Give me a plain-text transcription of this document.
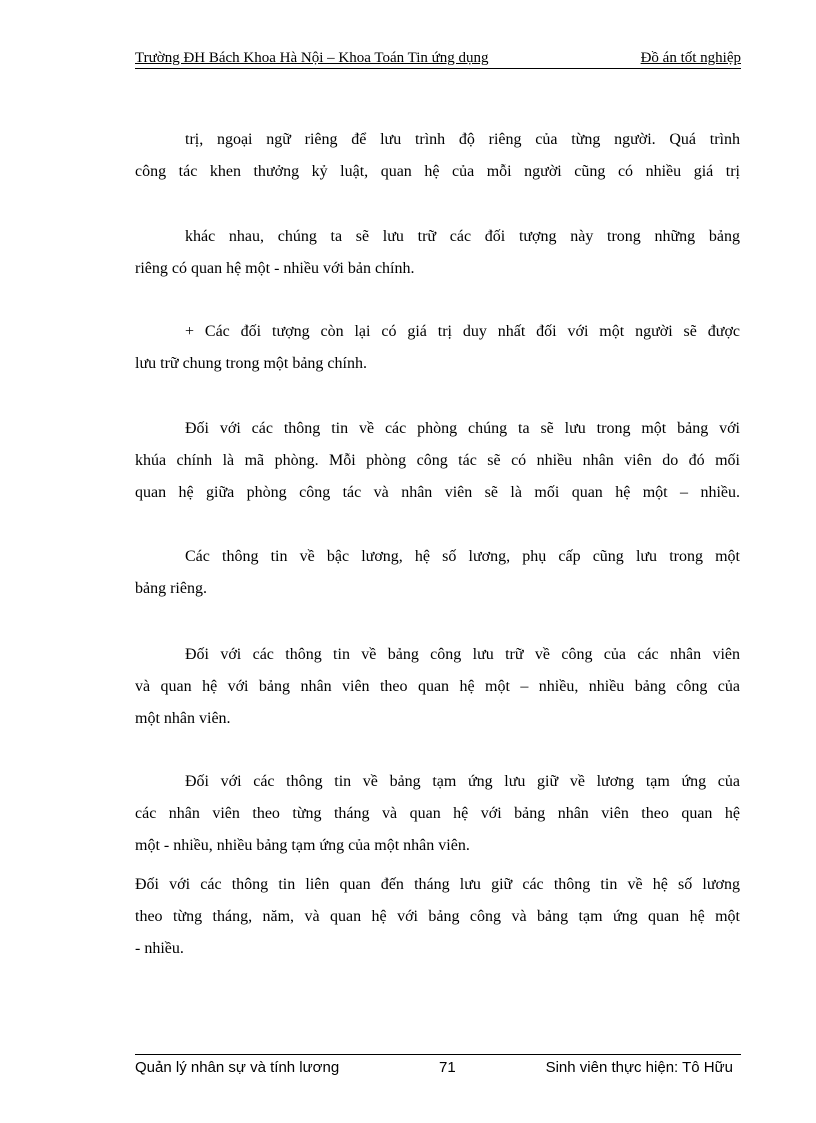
Trường ĐH Bách Khoa Hà Nội – Khoa Toán Tin ứng dụng	Đồ án tốt nghiệp
trị, ngoại ngữ riêng để lưu trình độ riêng của từng người. Quá trình
công tác khen thưởng kỷ luật, quan hệ của mỗi người cũng có nhiều giá trị
khác nhau, chúng ta sẽ lưu trữ các đối tượng này trong những bảng
riêng có quan hệ một - nhiều với bản chính.
+ Các đối tượng còn lại có giá trị duy nhất đối với một người sẽ được
lưu trữ chung trong một bảng chính.
Đối với các thông tin về các phòng chúng ta sẽ lưu trong một bảng với
khúa chính là mã phòng. Mỗi phòng công tác sẽ có nhiều nhân viên do đó mối
quan hệ giữa phòng công tác và nhân viên sẽ là mối quan hệ một – nhiều.
Các thông tin về bậc lương, hệ số lương, phụ cấp cũng lưu trong một
bảng riêng.
Đối với các thông tin về bảng công lưu trữ về công của các nhân viên
và quan hệ với bảng nhân viên theo quan hệ một – nhiều, nhiều bảng công của
một nhân viên.
Đối với các thông tin về bảng tạm ứng lưu giữ về lương tạm ứng của
các nhân viên theo từng tháng và quan hệ với bảng nhân viên theo quan hệ
một - nhiều, nhiều bảng tạm ứng của một nhân viên.
Đối với các thông tin liên quan đến tháng lưu giữ các thông tin về hệ số lương
theo từng tháng, năm, và quan hệ với bảng công và bảng tạm ứng quan hệ một
- nhiều.
Quản lý nhân sự và tính lương	71	Sinh viên thực hiện: Tô Hữu
